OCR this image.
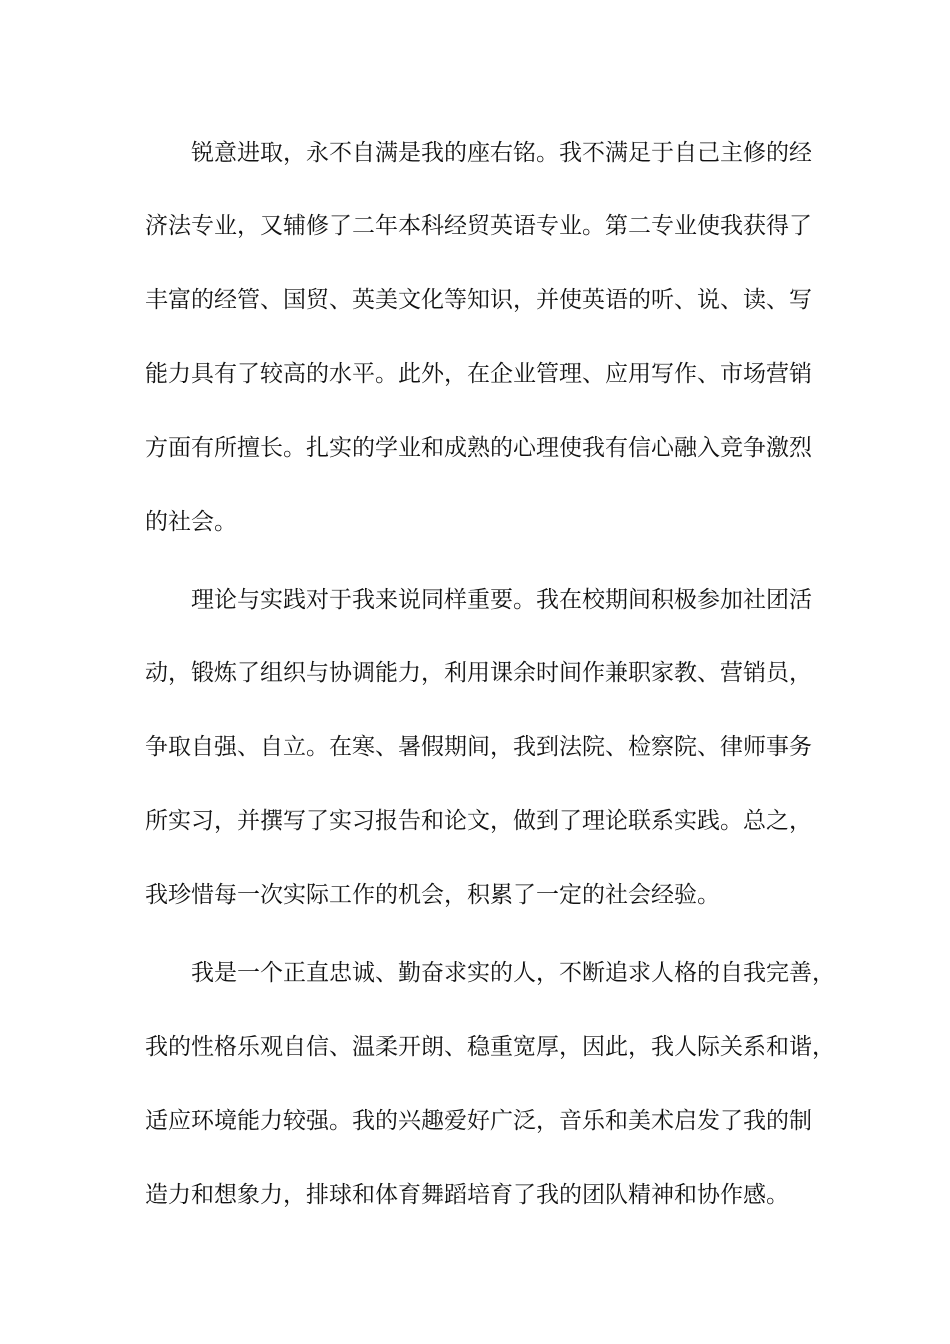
锐意进取，永不自满是我的座右铭。我不满足于自己主修的经
济法专业，又辅修了二年本科经贸英语专业。第二专业使我获得了
丰富的经管、国贸、英美文化等知识，并使英语的听、说、读、写
能力具有了较高的水平。此外，在企业管理、应用写作、市场营销
方面有所擅长。扎实的学业和成熟的心理使我有信心融入竞争激烈
的社会。
理论与实践对于我来说同样重要。我在校期间积极参加社团活
动，锻炼了组织与协调能力，利用课余时间作兼职家教、营销员，
争取自强、自立。在寒、暑假期间，我到法院、检察院、律师事务
所实习，并撰写了实习报告和论文，做到了理论联系实践。总之，
我珍惜每一次实际工作的机会，积累了一定的社会经验。
我是一个正直忠诚、勤奋求实的人，不断追求人格的自我完善，
我的性格乐观自信、温柔开朗、稳重宽厚，因此，我人际关系和谐，
适应环境能力较强。我的兴趣爱好广泛，音乐和美术启发了我的制
造力和想象力，排球和体育舞蹈培育了我的团队精神和协作感。
